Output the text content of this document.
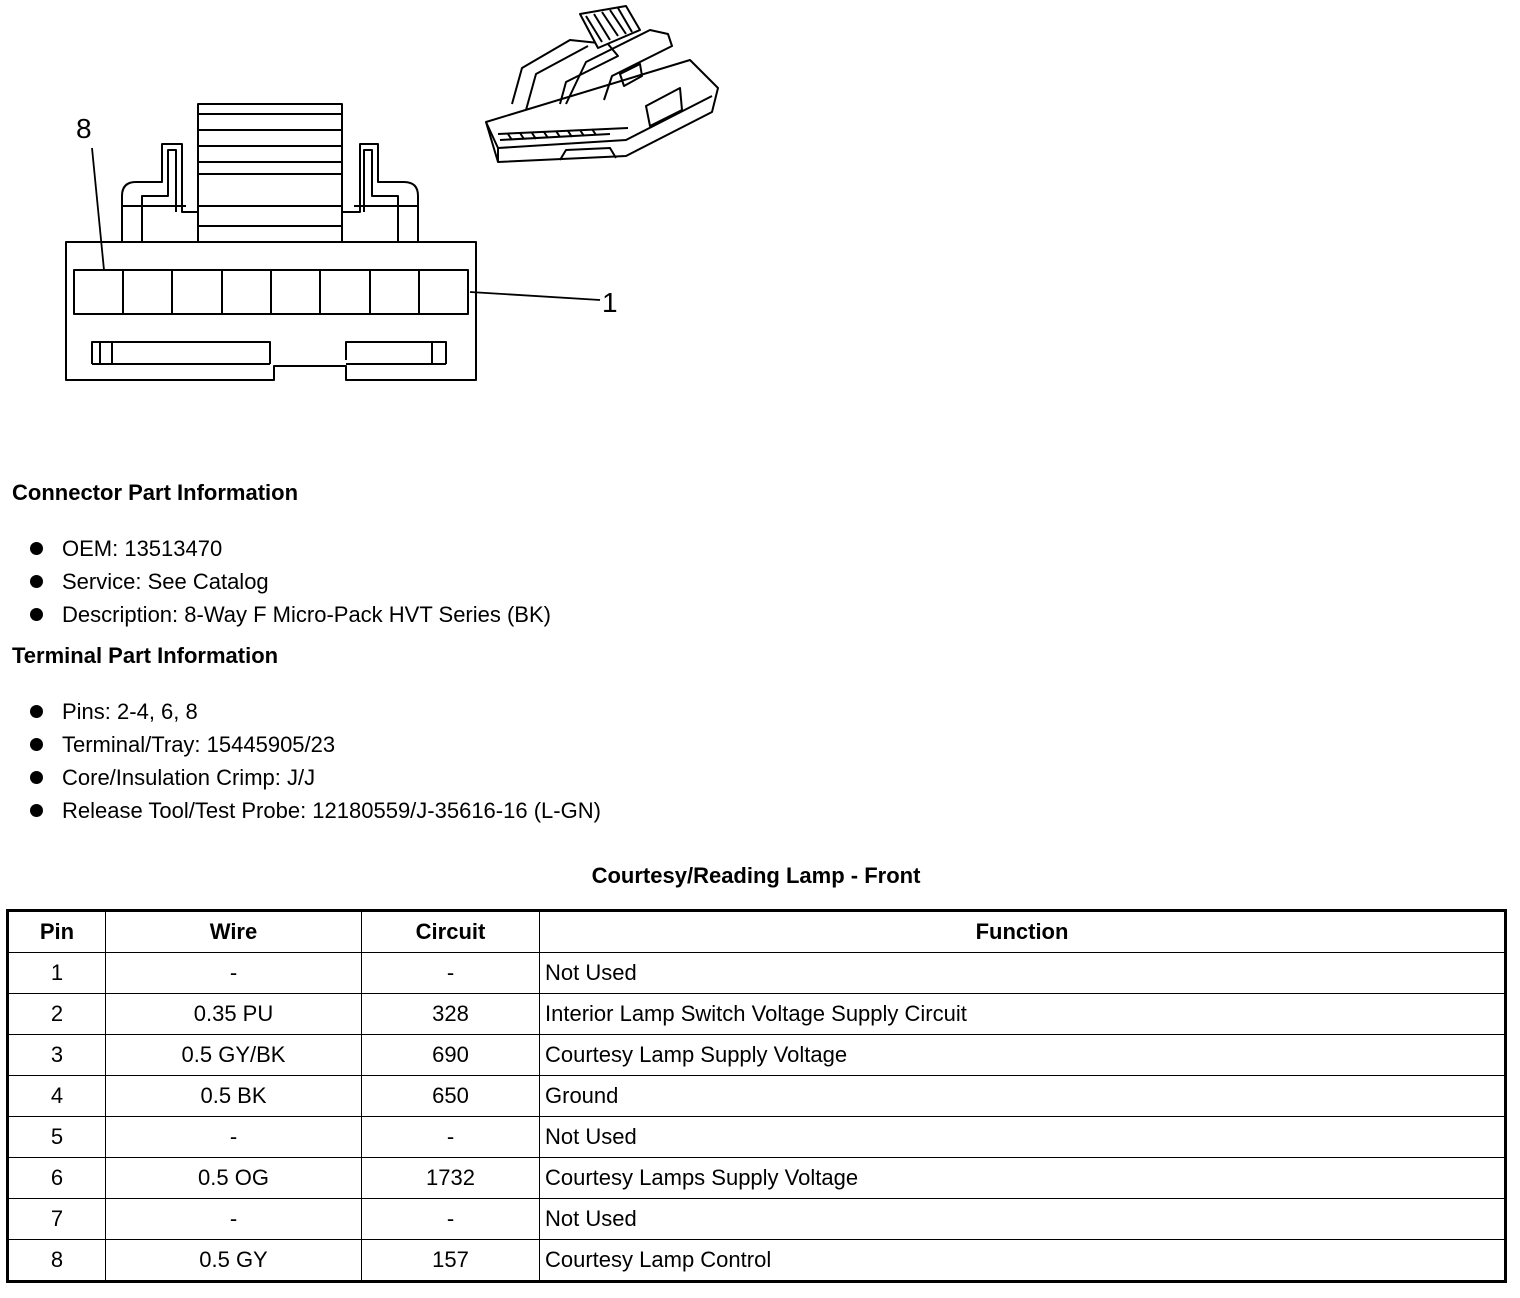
8
1
Connector Part Information
OEM: 13513470
Service: See Catalog
Description: 8-Way F Micro-Pack HVT Series (BK)
Terminal Part Information
Pins: 2-4, 6, 8
Terminal/Tray: 15445905/23
Core/Insulation Crimp: J/J
Release Tool/Test Probe: 12180559/J-35616-16 (L-GN)
Courtesy/Reading Lamp - Front
Pin	Wire	Circuit	Function
1	-	-	Not Used
2	0.35 PU	328	Interior Lamp Switch Voltage Supply Circuit
3	0.5 GY/BK	690	Courtesy Lamp Supply Voltage
4	0.5 BK	650	Ground
5	-	-	Not Used
6	0.5 OG	1732	Courtesy Lamps Supply Voltage
7	-	-	Not Used
8	0.5 GY	157	Courtesy Lamp Control
